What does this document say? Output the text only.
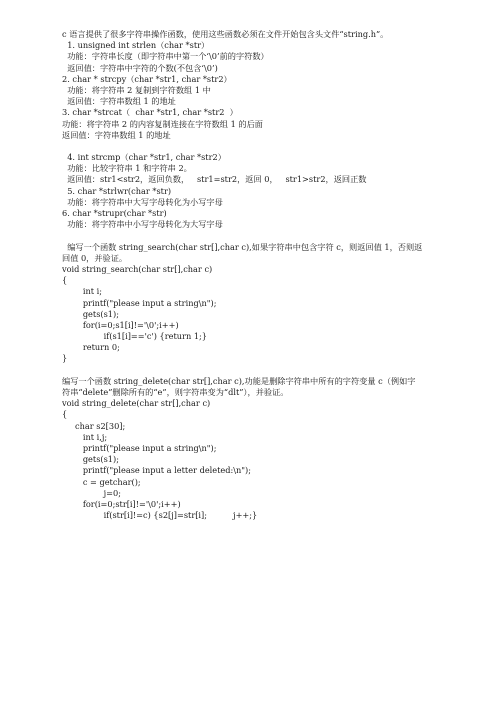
c 语言提供了很多字符串操作函数，使用这些函数必须在文件开始包含头文件“string.h”。
1. unsigned int strlen（char *str）
功能：字符串长度（即字符串中第一个‘\0’前的字符数）
返回值：字符串中字符的个数(不包含‘\0’)
2. char * strcpy（char *str1, char *str2）
功能：将字符串 2 复制到字符数组 1 中
返回值：字符串数组 1 的地址
3. char *strcat（  char *str1, char *str2  ）
功能：将字符串 2 的内容复制连接在字符数组 1 的后面
返回值：字符串数组 1 的地址
4. int strcmp（char *str1, char *str2）
功能：比较字符串 1 和字符串 2。
返回值：str1<str2，返回负数，   str1=str2，返回 0，   str1>str2，返回正数
5. char *strlwr(char *str)
功能：将字符串中大写字母转化为小写字母
6. char *strupr(char *str)
功能：将字符串中小写字母转化为大写字母
编写一个函数 string_search(char str[],char c),如果字符串中包含字符 c，则返回值 1，否则返
回值 0，并验证。
void string_search(char str[],char c)
{
int i;
printf("please input a string\n");
gets(s1);
for(i=0;s1[i]!='\0';i++)
if(s1[i]=='c') {return 1;}
return 0;
}
编写一个函数 string_delete(char str[],char c),功能是删除字符串中所有的字符变量 c（例如字
符串“delete”删除所有的“e”，则字符串变为“dlt”），并验证。
void string_delete(char str[],char c)
{
char s2[30];
int i,j;
printf("please input a string\n");
gets(s1);
printf("please input a letter deleted:\n");
c = getchar();
j=0;
for(i=0;str[i]!='\0';i++)
if(str[i]!=c) {s2[j]=str[i];          j++;}
